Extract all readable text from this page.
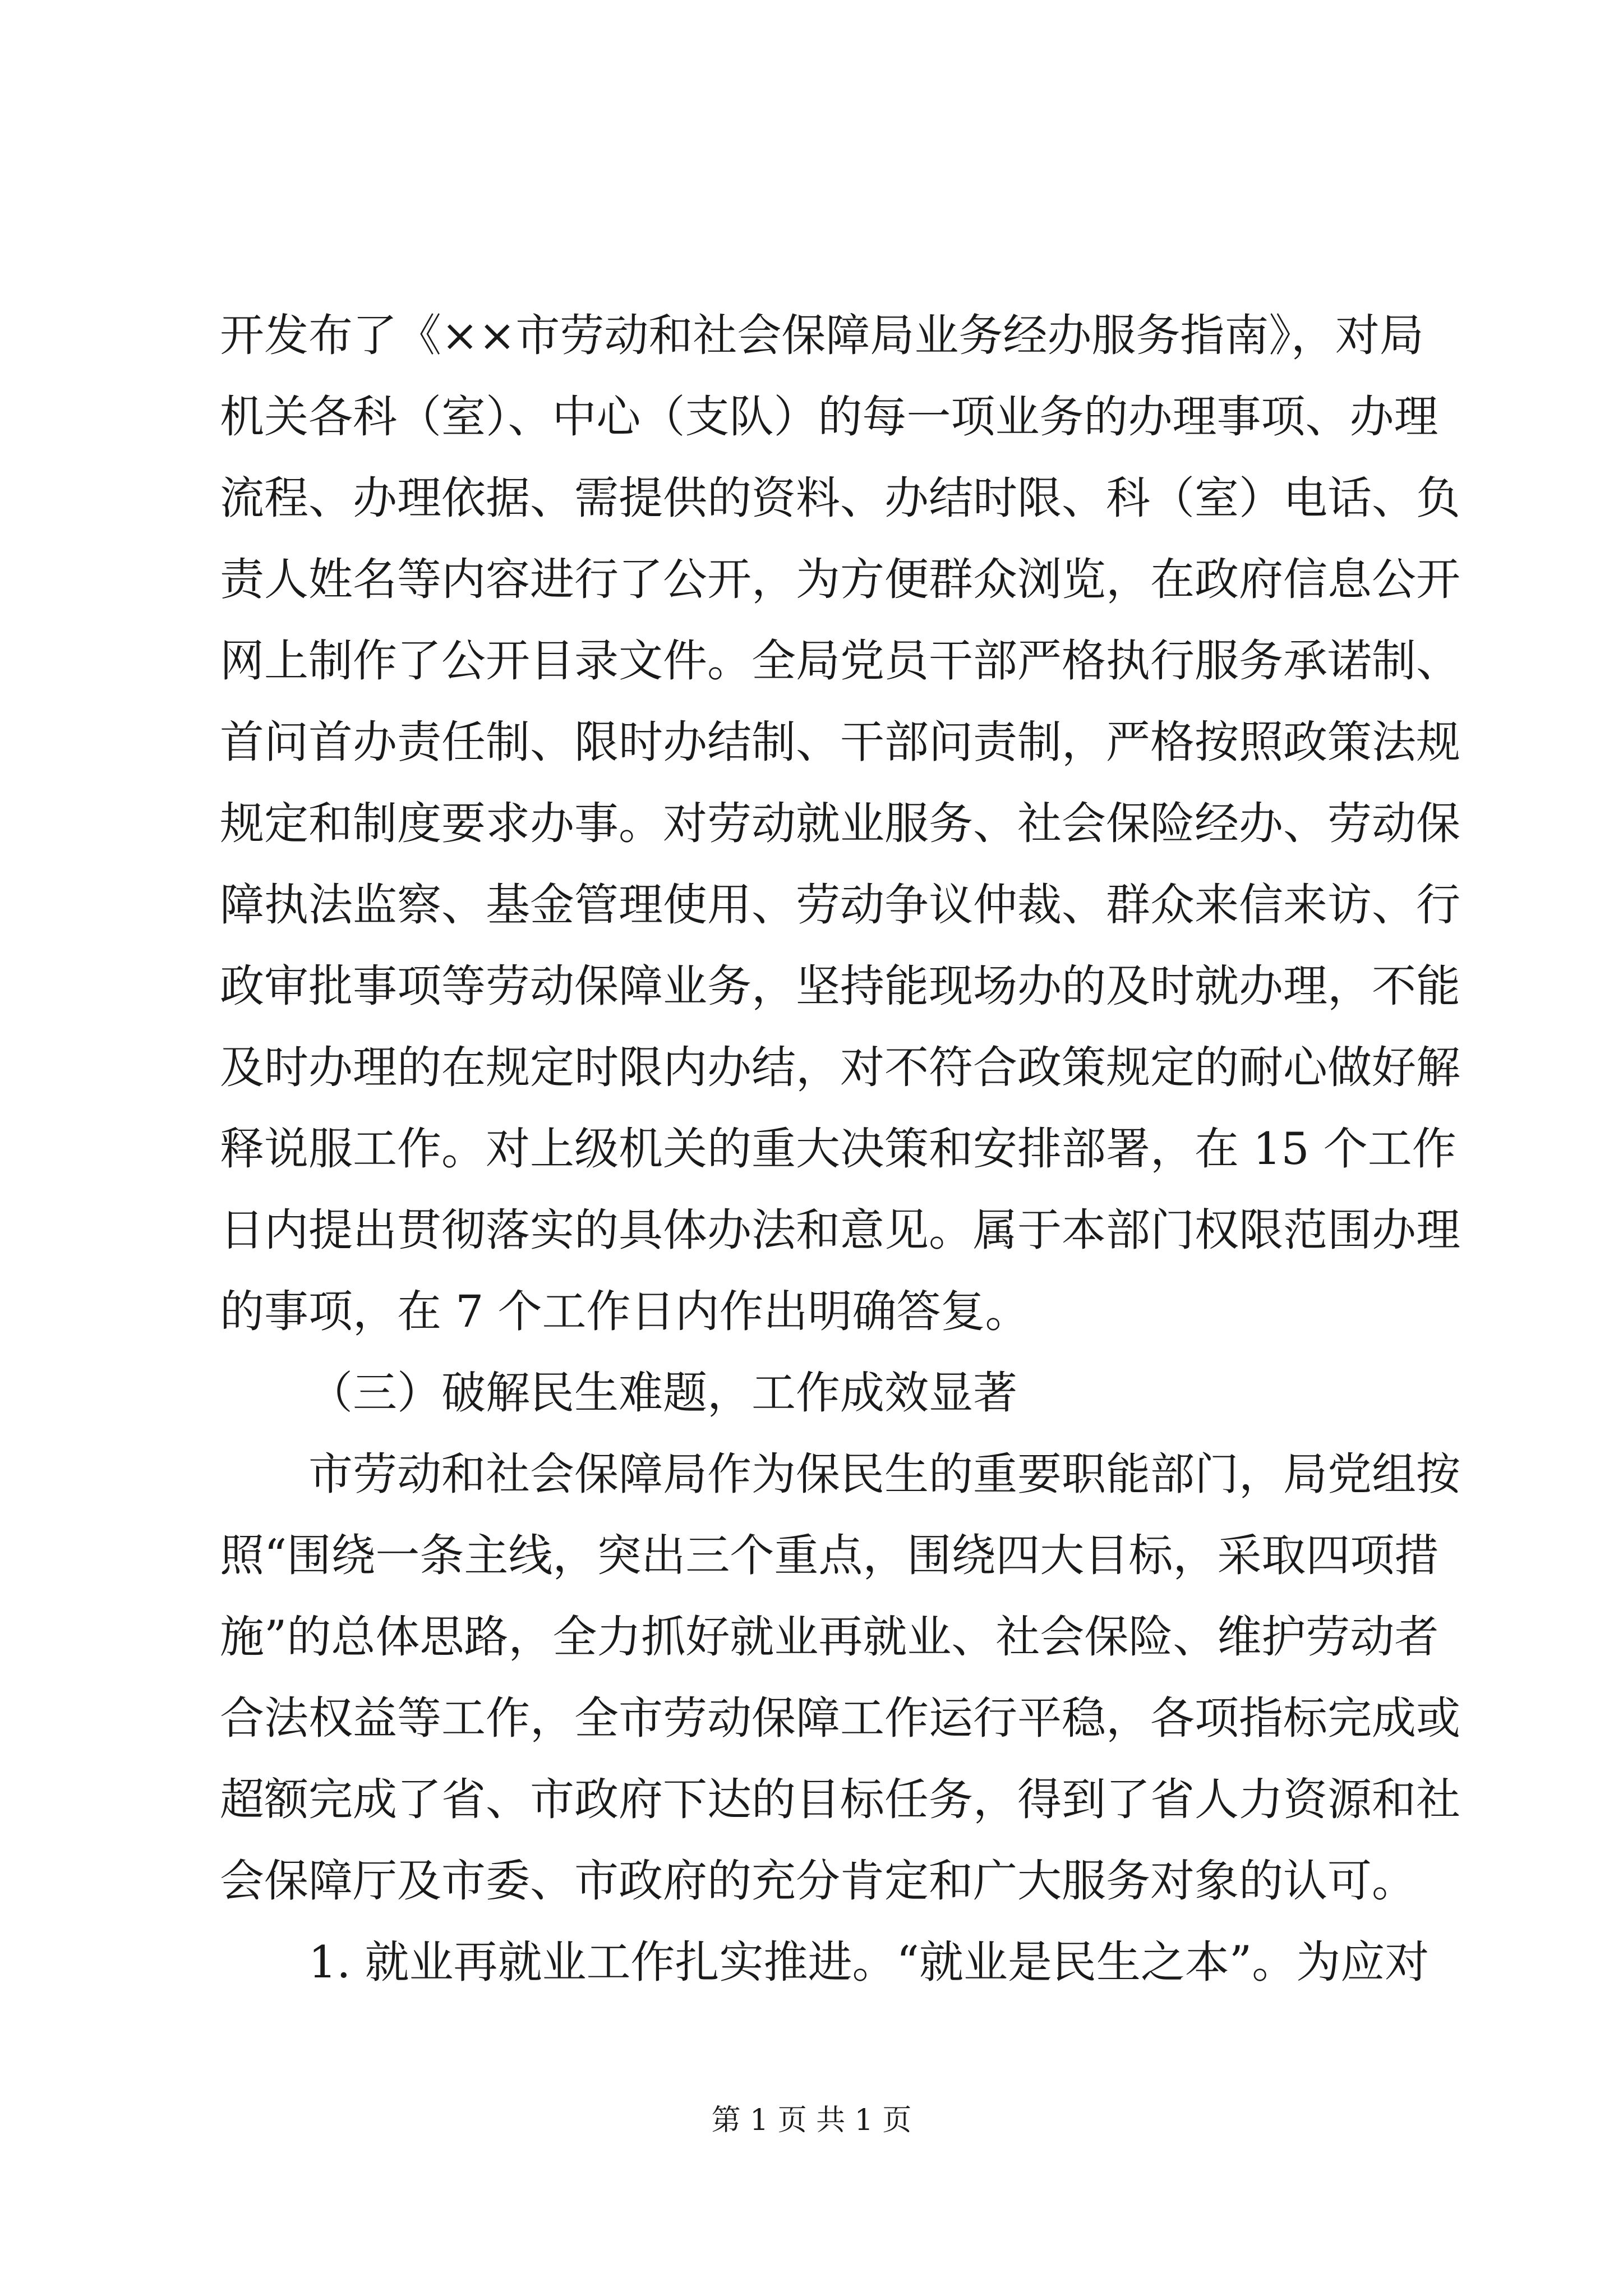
开发布了《××市劳动和社会保障局业务经办服务指南》，对局
机关各科（室）、中心（支队）的每一项业务的办理事项、办理
流程、办理依据、需提供的资料、办结时限、科（室）电话、负
责人姓名等内容进行了公开，为方便群众浏览，在政府信息公开
网上制作了公开目录文件。全局党员干部严格执行服务承诺制、
首问首办责任制、限时办结制、干部问责制，严格按照政策法规
规定和制度要求办事。对劳动就业服务、社会保险经办、劳动保
障执法监察、基金管理使用、劳动争议仲裁、群众来信来访、行
政审批事项等劳动保障业务，坚持能现场办的及时就办理，不能
及时办理的在规定时限内办结，对不符合政策规定的耐心做好解
释说服工作。对上级机关的重大决策和安排部署，在 15 个工作
日内提出贯彻落实的具体办法和意见。属于本部门权限范围办理
的事项，在 7 个工作日内作出明确答复。
（三）破解民生难题，工作成效显著
市劳动和社会保障局作为保民生的重要职能部门，局党组按
照“围绕一条主线，突出三个重点，围绕四大目标，采取四项措
施”的总体思路，全力抓好就业再就业、社会保险、维护劳动者
合法权益等工作，全市劳动保障工作运行平稳，各项指标完成或
超额完成了省、市政府下达的目标任务，得到了省人力资源和社
会保障厅及市委、市政府的充分肯定和广大服务对象的认可。
1. 就业再就业工作扎实推进。“就业是民生之本”。为应对
第 1 页 共 1 页
